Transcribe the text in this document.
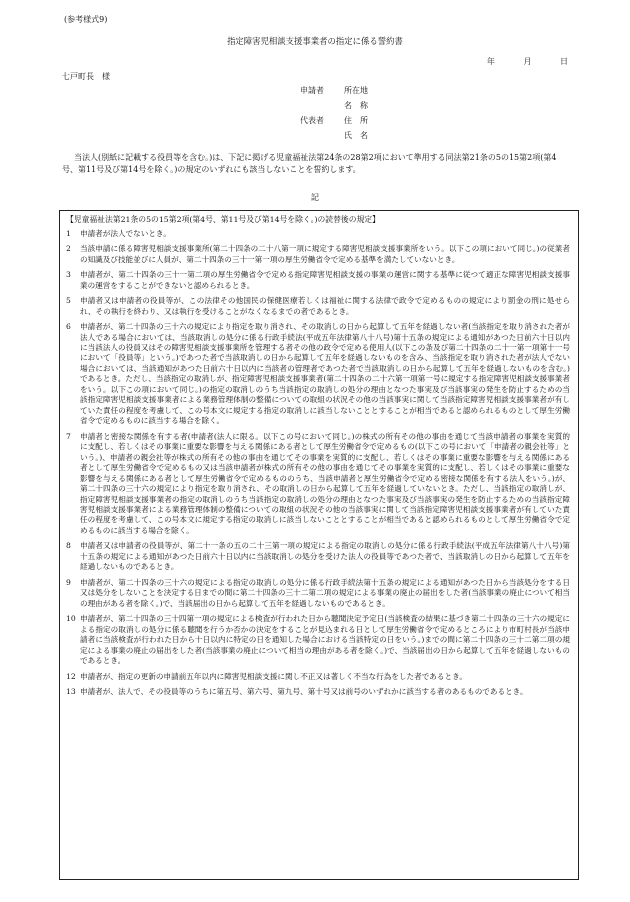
(参考様式9)
指定障害児相談支援事業者の指定に係る誓約書
年	月	日
七戸町長　様
申請者	所在地
名　称
代表者	住　所
氏　名
当法人(別紙に記載する役員等を含む。)は、下記に掲げる児童福祉法第24条の28第2項において準用する同法第21条の5の15第2項(第4号、第11号及び第14号を除く。)の規定のいずれにも該当しないことを誓約します。
記
【児童福祉法第21条の5の15第2項(第4号、第11号及び第14号を除く。)の読替後の規定】
1	申請者が法人でないとき。
2	当該申請に係る障害児相談支援事業所(第二十四条の二十八第一項に規定する障害児相談支援事業所をいう。以下この項において同じ。)の従業者の知識及び技能並びに人員が、第二十四条の三十一第一項の厚生労働省令で定める基準を満たしていないとき。
3	申請者が、第二十四条の三十一第二項の厚生労働省令で定める指定障害児相談支援の事業の運営に関する基準に従つて適正な障害児相談支援事業の運営をすることができないと認められるとき。
5	申請者又は申請者の役員等が、この法律その他国民の保健医療若しくは福祉に関する法律で政令で定めるものの規定により罰金の刑に処せられ、その執行を終わり、又は執行を受けることがなくなるまでの者であるとき。
6	申請者が、第二十四条の三十六の規定により指定を取り消され、その取消しの日から起算して五年を経過しない者(当該指定を取り消された者が法人である場合においては、当該取消しの処分に係る行政手続法(平成五年法律第八十八号)第十五条の規定による通知があつた日前六十日以内に当該法人の役員又はその障害児相談支援事業所を管理する者その他の政令で定める使用人(以下この条及び第二十四条の二十一第一項第十一号において「役員等」という。)であつた者で当該取消しの日から起算して五年を経過しないものを含み、当該指定を取り消された者が法人でない場合においては、当該通知があつた日前六十日以内に当該者の管理者であつた者で当該取消しの日から起算して五年を経過しないものを含む。)であるとき。ただし、当該指定の取消しが、指定障害児相談支援事業者(第二十四条の二十六第一項第一号に規定する指定障害児相談支援事業者をいう。以下この項において同じ。)の指定の取消しのうち当該指定の取消しの処分の理由となつた事実及び当該事実の発生を防止するための当該指定障害児相談支援事業者による業務管理体制の整備についての取組の状況その他の当該事実に関して当該指定障害児相談支援事業者が有していた責任の程度を考慮して、この号本文に規定する指定の取消しに該当しないこととすることが相当であると認められるものとして厚生労働省令で定めるものに該当する場合を除く。
7	申請者と密接な関係を有する者(申請者(法人に限る。以下この号において同じ。)の株式の所有その他の事由を通じて当該申請者の事業を実質的に支配し、若しくはその事業に重要な影響を与える関係にある者として厚生労働省令で定めるもの(以下この号において「申請者の親会社等」という。)、申請者の親会社等が株式の所有その他の事由を通じてその事業を実質的に支配し、若しくはその事業に重要な影響を与える関係にある者として厚生労働省令で定めるもの又は当該申請者が株式の所有その他の事由を通じてその事業を実質的に支配し、若しくはその事業に重要な影響を与える関係にある者として厚生労働省令で定めるもののうち、当該申請者と厚生労働省令で定める密接な関係を有する法人をいう。)が、第二十四条の三十六の規定により指定を取り消され、その取消しの日から起算して五年を経過していないとき。ただし、当該指定の取消しが、指定障害児相談支援事業者の指定の取消しのうち当該指定の取消しの処分の理由となつた事実及び当該事実の発生を防止するための当該指定障害児相談支援事業者による業務管理体制の整備についての取組の状況その他の当該事実に関して当該指定障害児相談支援事業者が有していた責任の程度を考慮して、この号本文に規定する指定の取消しに該当しないこととすることが相当であると認められるものとして厚生労働省令で定めるものに該当する場合を除く。
8	申請者又は申請者の役員等が、第二十一条の五の二十三第一項の規定による指定の取消しの処分に係る行政手続法(平成五年法律第八十八号)第十五条の規定による通知があつた日前六十日以内に当該取消しの処分を受けた法人の役員等であつた者で、当該取消しの日から起算して五年を経過しないものであるとき。
9	申請者が、第二十四条の三十六の規定による指定の取消しの処分に係る行政手続法第十五条の規定による通知があつた日から当該処分をする日又は処分をしないことを決定する日までの間に第二十四条の三十二第二項の規定による事業の廃止の届出をした者(当該事業の廃止について相当の理由がある者を除く。)で、当該届出の日から起算して五年を経過しないものであるとき。
10 申請者が、第二十四条の三十四第一項の規定による検査が行われた日から聴聞決定予定日(当該検査の結果に基づき第二十四条の三十六の規定による指定の取消しの処分に係る聴聞を行うか否かの決定をすることが見込まれる日として厚生労働省令で定めるところにより市町村長が当該申請者に当該検査が行われた日から十日以内に特定の日を通知した場合における当該特定の日をいう。)までの間に第二十四条の三十二第二項の規定による事業の廃止の届出をした者(当該事業の廃止について相当の理由がある者を除く。)で、当該届出の日から起算して五年を経過しないものであるとき。
12 申請者が、指定の更新の申請前五年以内に障害児相談支援に関し不正又は著しく不当な行為をした者であるとき。
13 申請者が、法人で、その役員等のうちに第五号、第六号、第九号、第十号又は前号のいずれかに該当する者のあるものであるとき。
